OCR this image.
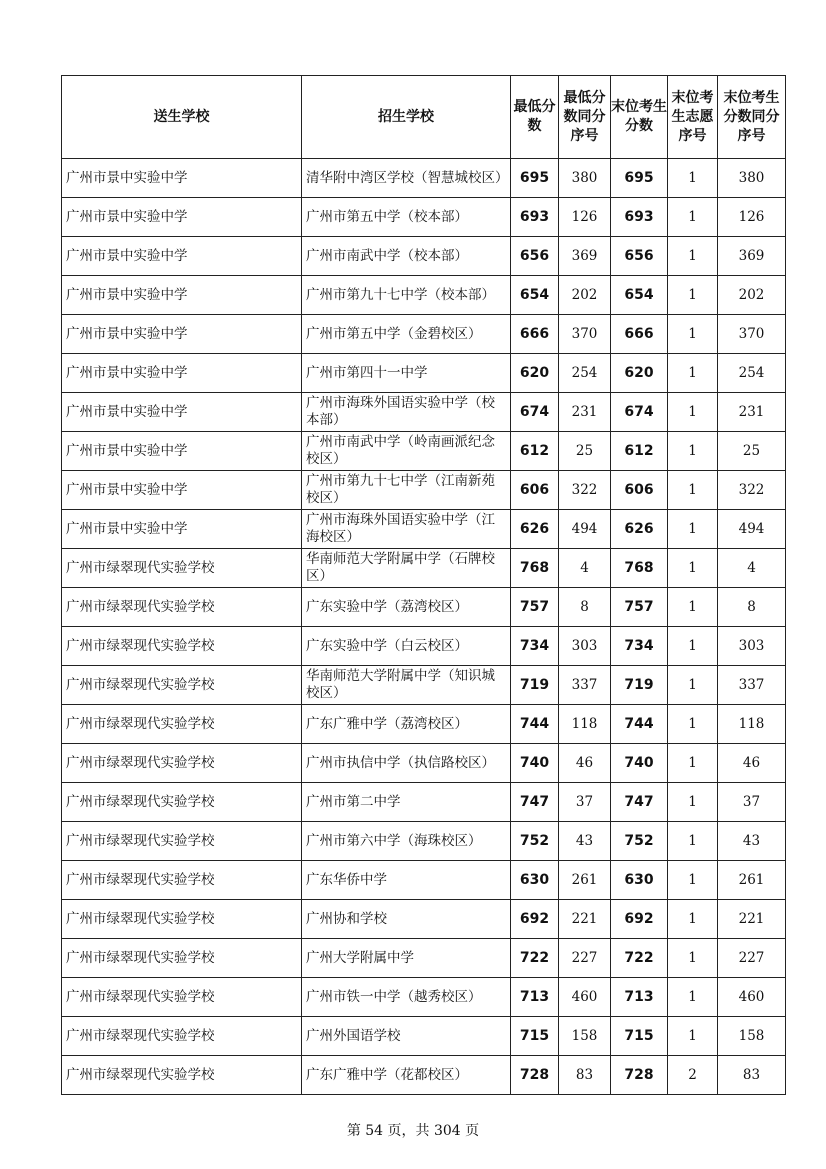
送生学校	招生学校	最低分数	最低分数同分序号	末位考生分数	末位考生志愿序号	末位考生分数同分序号
广州市景中实验中学	清华附中湾区学校（智慧城校区）	695	380	695	1	380
广州市景中实验中学	广州市第五中学（校本部）	693	126	693	1	126
广州市景中实验中学	广州市南武中学（校本部）	656	369	656	1	369
广州市景中实验中学	广州市第九十七中学（校本部）	654	202	654	1	202
广州市景中实验中学	广州市第五中学（金碧校区）	666	370	666	1	370
广州市景中实验中学	广州市第四十一中学	620	254	620	1	254
广州市景中实验中学	广州市海珠外国语实验中学（校本部）	674	231	674	1	231
广州市景中实验中学	广州市南武中学（岭南画派纪念校区）	612	25	612	1	25
广州市景中实验中学	广州市第九十七中学（江南新苑校区）	606	322	606	1	322
广州市景中实验中学	广州市海珠外国语实验中学（江海校区）	626	494	626	1	494
广州市绿翠现代实验学校	华南师范大学附属中学（石牌校区）	768	4	768	1	4
广州市绿翠现代实验学校	广东实验中学（荔湾校区）	757	8	757	1	8
广州市绿翠现代实验学校	广东实验中学（白云校区）	734	303	734	1	303
广州市绿翠现代实验学校	华南师范大学附属中学（知识城校区）	719	337	719	1	337
广州市绿翠现代实验学校	广东广雅中学（荔湾校区）	744	118	744	1	118
广州市绿翠现代实验学校	广州市执信中学（执信路校区）	740	46	740	1	46
广州市绿翠现代实验学校	广州市第二中学	747	37	747	1	37
广州市绿翠现代实验学校	广州市第六中学（海珠校区）	752	43	752	1	43
广州市绿翠现代实验学校	广东华侨中学	630	261	630	1	261
广州市绿翠现代实验学校	广州协和学校	692	221	692	1	221
广州市绿翠现代实验学校	广州大学附属中学	722	227	722	1	227
广州市绿翠现代实验学校	广州市铁一中学（越秀校区）	713	460	713	1	460
广州市绿翠现代实验学校	广州外国语学校	715	158	715	1	158
广州市绿翠现代实验学校	广东广雅中学（花都校区）	728	83	728	2	83
第 54 页，共 304 页
